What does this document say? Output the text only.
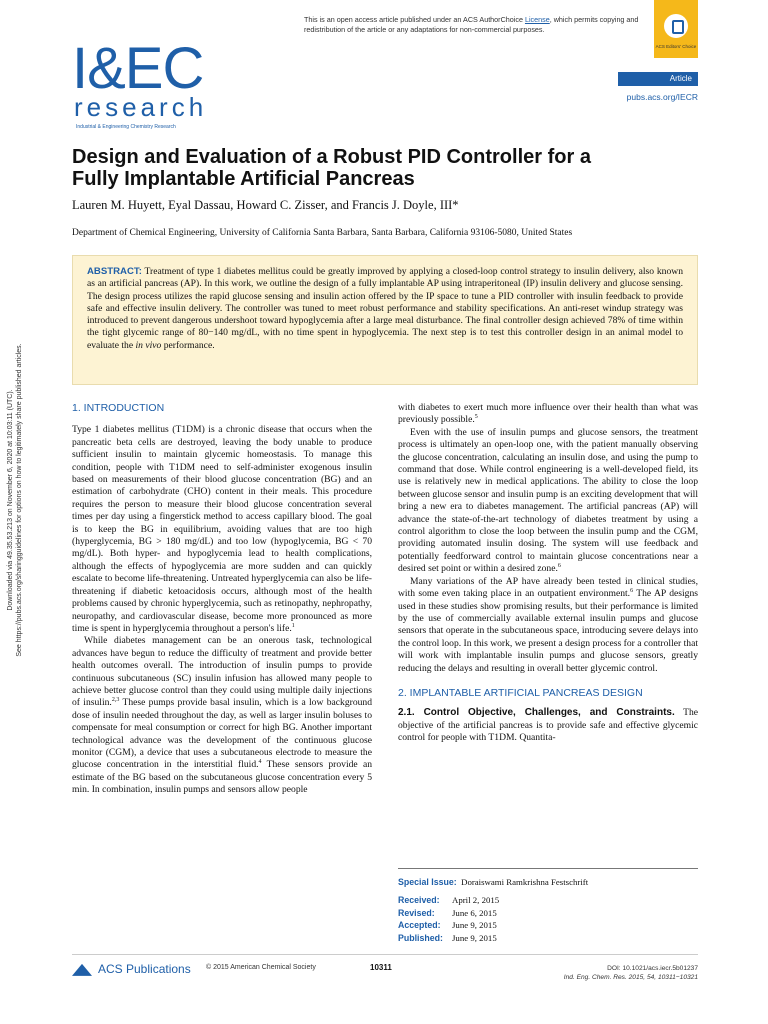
This is an open access article published under an ACS AuthorChoice License, which permits copying and redistribution of the article or any adaptations for non-commercial purposes.
ACS Editors' Choice
Article
pubs.acs.org/IECR
I&EC
research
Industrial & Engineering Chemistry Research
Design and Evaluation of a Robust PID Controller for a Fully Implantable Artificial Pancreas
Lauren M. Huyett, Eyal Dassau, Howard C. Zisser, and Francis J. Doyle, III*
Department of Chemical Engineering, University of California Santa Barbara, Santa Barbara, California 93106-5080, United States
ABSTRACT: Treatment of type 1 diabetes mellitus could be greatly improved by applying a closed-loop control strategy to insulin delivery, also known as an artificial pancreas (AP). In this work, we outline the design of a fully implantable AP using intraperitoneal (IP) insulin delivery and glucose sensing. The design process utilizes the rapid glucose sensing and insulin action offered by the IP space to tune a PID controller with insulin feedback to provide safe and effective insulin delivery. The controller was tuned to meet robust performance and stability specifications. An anti-reset windup strategy was introduced to prevent dangerous undershoot toward hypoglycemia after a large meal disturbance. The final controller design achieved 78% of time within the tight glycemic range of 80−140 mg/dL, with no time spent in hypoglycemia. The next step is to test this controller design in an animal model to evaluate the in vivo performance.
Downloaded via 49.35.53.213 on November 6, 2020 at 10:03:11 (UTC). See https://pubs.acs.org/sharingguidelines for options on how to legitimately share published articles.	1. INTRODUCTION

Type 1 diabetes mellitus (T1DM) is a chronic disease that occurs when the pancreatic beta cells are destroyed, leaving the body unable to produce sufficient insulin to maintain glycemic homeostasis. To manage this condition, people with T1DM need to self-administer exogenous insulin based on measurements of their blood glucose concentration (BG) and an estimation of carbohydrate (CHO) content in their meals. This procedure requires the person to measure their blood glucose concentration several times per day using a fingerstick method to access capillary blood. The goal is to keep the BG in equilibrium, avoiding values that are too high (hyperglycemia, BG > 180 mg/dL) and too low (hypoglycemia, BG < 70 mg/dL). Both hyper- and hypoglycemia lead to health complications, although the effects of hypoglycemia are more sudden and can quickly escalate to become life-threatening. Untreated hyperglycemia can also be life-threatening if diabetic ketoacidosis occurs, although most of the health problems caused by chronic hyperglycemia, such as retinopathy, nephropathy, neuropathy, and cardiovascular disease, become more pronounced as more time is spent in hyperglycemia throughout a person's life.$^1$

While diabetes management can be an onerous task, technological advances have begun to reduce the difficulty of treatment and provide better health outcomes overall. The introduction of insulin pumps to provide continuous subcutaneous (SC) insulin infusion has allowed many people to achieve better glucose control than they could using multiple daily injections of insulin.$^{2,3}$ These pumps provide basal insulin, which is a low background dose of insulin needed throughout the day, as well as larger insulin boluses to compensate for meal consumption or correct for high BG. Another important technological advance was the development of the continuous glucose monitor (CGM), a device that uses a subcutaneous electrode to measure the glucose concentration in the interstitial fluid.$^4$ These sensors provide an estimate of the BG based on the subcutaneous glucose concentration every 5 min. In combination, insulin pumps and sensors allow people

with diabetes to exert much more influence over their health than what was previously possible.$^5$

Even with the use of insulin pumps and glucose sensors, the treatment process is ultimately an open-loop one, with the patient manually observing the glucose concentration, calculating an insulin dose, and using the pump to command that dose. While control engineering is a well-developed field, its use is relatively new in medical applications. The ability to close the loop between glucose sensor and insulin pump is an exciting development that will bring a new era to diabetes management. The artificial pancreas (AP) will advance the state-of-the-art technology of diabetes treatment by using a control algorithm to close the loop between the insulin pump and the CGM, providing automated insulin dosing. The system will use feedback and potentially feedforward control to maintain glucose concentrations near a desired set point or within a desired zone.$^6$

Many variations of the AP have already been tested in clinical studies, with some even taking place in an outpatient environment.$^6$ The AP designs used in these studies show promising results, but their performance is limited by the use of commercially available external insulin pumps and glucose sensors that operate in the subcutaneous space, introducing severe delays into the control loop. In this work, we present a design process for a controller that will work with implantable insulin pumps and glucose sensors, greatly reducing the delays and resulting in overall better glycemic control.

2. IMPLANTABLE ARTIFICIAL PANCREAS DESIGN

2.1. Control Objective, Challenges, and Constraints. The objective of the artificial pancreas is to provide safe and effective glycemic control for people with T1DM. Quantita-

Special Issue: Doraiswami Ramkrishna Festschrift
Received: April 2, 2015
Revised: June 6, 2015
Accepted: June 9, 2015
Published: June 9, 2015
ACS Publications © 2015 American Chemical Society	10311	DOI: 10.1021/acs.iecr.5b01237
Ind. Eng. Chem. Res. 2015, 54, 10311−10321
